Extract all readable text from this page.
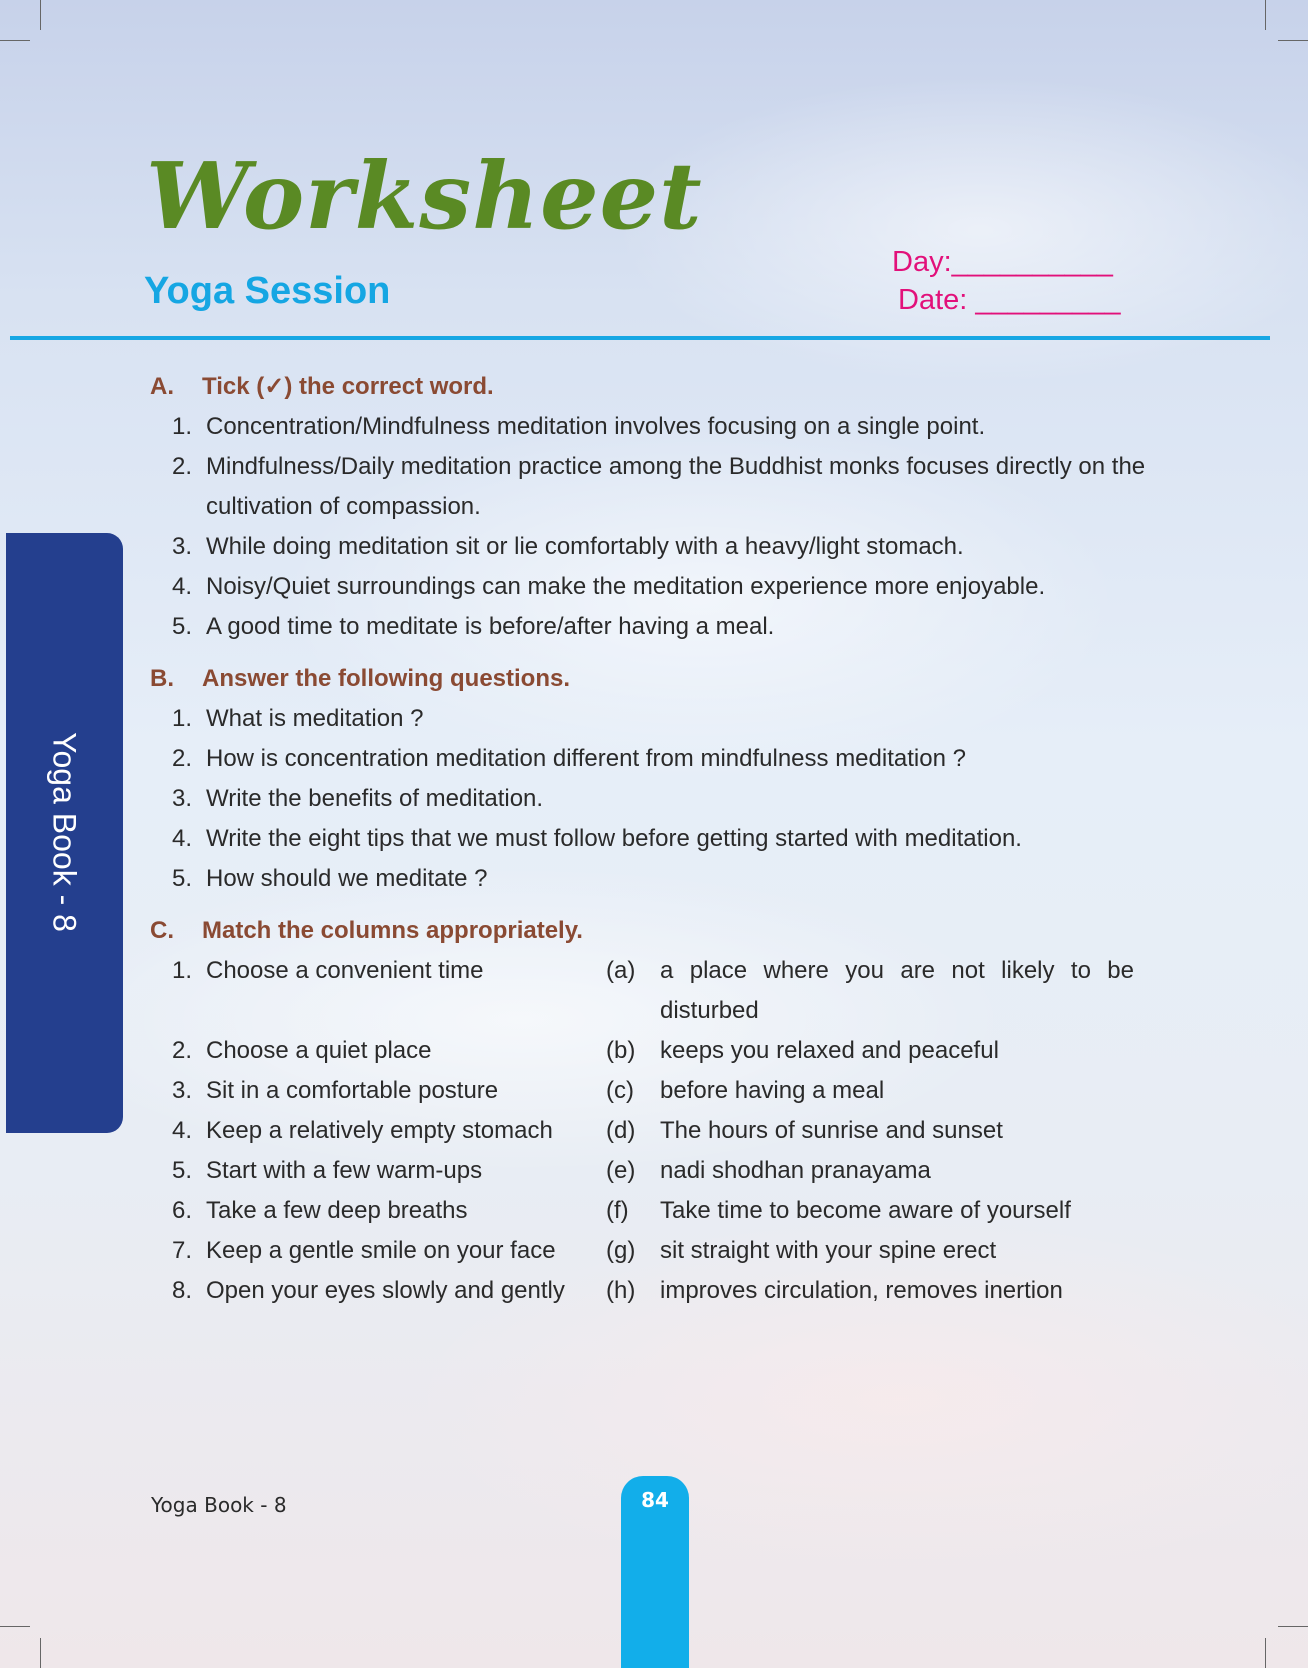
Worksheet
Yoga Session
Day:__________
Date: _________
Yoga Book - 8
A.	Tick (✓) the correct word.
1. Concentration/Mindfulness meditation involves focusing on a single point.
2. Mindfulness/Daily meditation practice among the Buddhist monks focuses directly on the cultivation of compassion.
3. While doing meditation sit or lie comfortably with a heavy/light stomach.
4. Noisy/Quiet surroundings can make the meditation experience more enjoyable.
5. A good time to meditate is before/after having a meal.
B.	Answer the following questions.
1. What is meditation ?
2. How is concentration meditation different from mindfulness meditation ?
3. Write the benefits of meditation.
4. Write the eight tips that we must follow before getting started with meditation.
5. How should we meditate ?
C.	Match the columns appropriately.
1. Choose a convenient time	(a)	a place where you are not likely to be disturbed
2. Choose a quiet place	(b)	keeps you relaxed and peaceful
3. Sit in a comfortable posture	(c)	before having a meal
4. Keep a relatively empty stomach	(d)	The hours of sunrise and sunset
5. Start with a few warm-ups	(e)	nadi shodhan pranayama
6. Take a few deep breaths	(f)	Take time to become aware of yourself
7. Keep a gentle smile on your face	(g)	sit straight with your spine erect
8. Open your eyes slowly and gently	(h)	improves circulation, removes inertion
Yoga Book - 8	84
